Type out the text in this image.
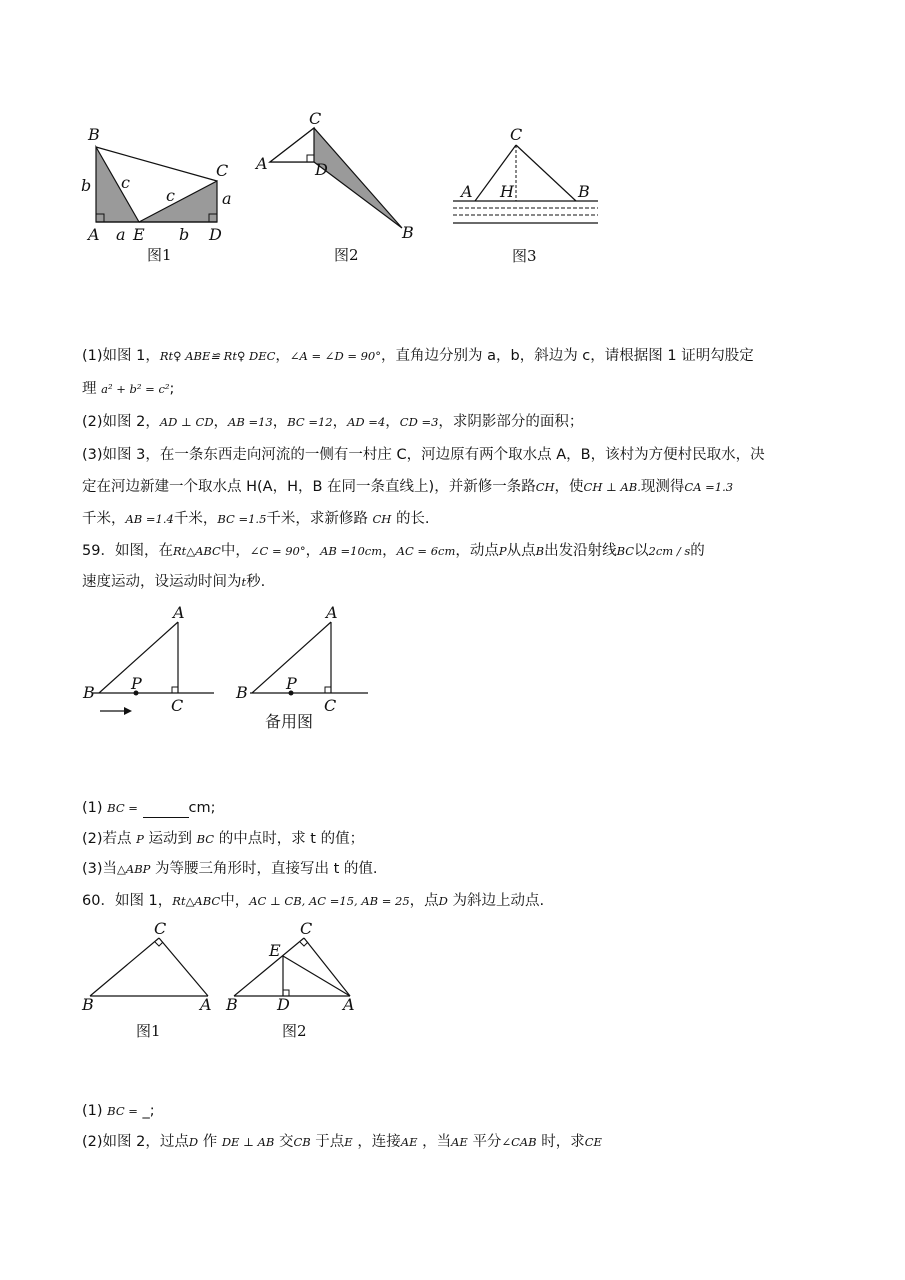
B
b c
c
C
a
A a E b D
图1
C
A	D
B
图2
C
A H	B
图3
(1)如图 1，Rt♀ ABE≌ Rt♀ DEC，∠A = ∠D = 90°，直角边分别为 a，b，斜边为 c，请根据图 1 证明勾股定
理 a² + b² = c²;
(2)如图 2，AD ⊥ CD，AB =13，BC =12，AD =4，CD =3，求阴影部分的面积；
(3)如图 3，在一条东西走向河流的一侧有一村庄 C，河边原有两个取水点 A，B，该村为方便村民取水，决
定在河边新建一个取水点 H(A，H，B 在同一条直线上)，并新修一条路CH，使CH ⊥ AB.现测得CA =1.3
千米，AB =1.4千米，BC =1.5千米，求新修路 CH 的长.
59．如图，在Rt△ABC中，∠C = 90°，AB =10cm，AC = 6cm，动点P从点B出发沿射线BC以2cm / s的
速度运动，设运动时间为t秒.
A
B P
C
A
B P
C
备用图
(1) BC =	cm;
(2)若点 P 运动到 BC 的中点时，求 t 的值；
(3)当△ABP 为等腰三角形时，直接写出 t 的值.
60．如图 1，Rt△ABC中，AC ⊥ CB, AC =15, AB = 25，点D 为斜边上动点.
C
B	A
图1
E
C
B D	A
图2
(1) BC = _;
(2)如图 2，过点D 作 DE ⊥ AB 交CB 于点E ，连接AE ，当AE 平分∠CAB 时，求CE
